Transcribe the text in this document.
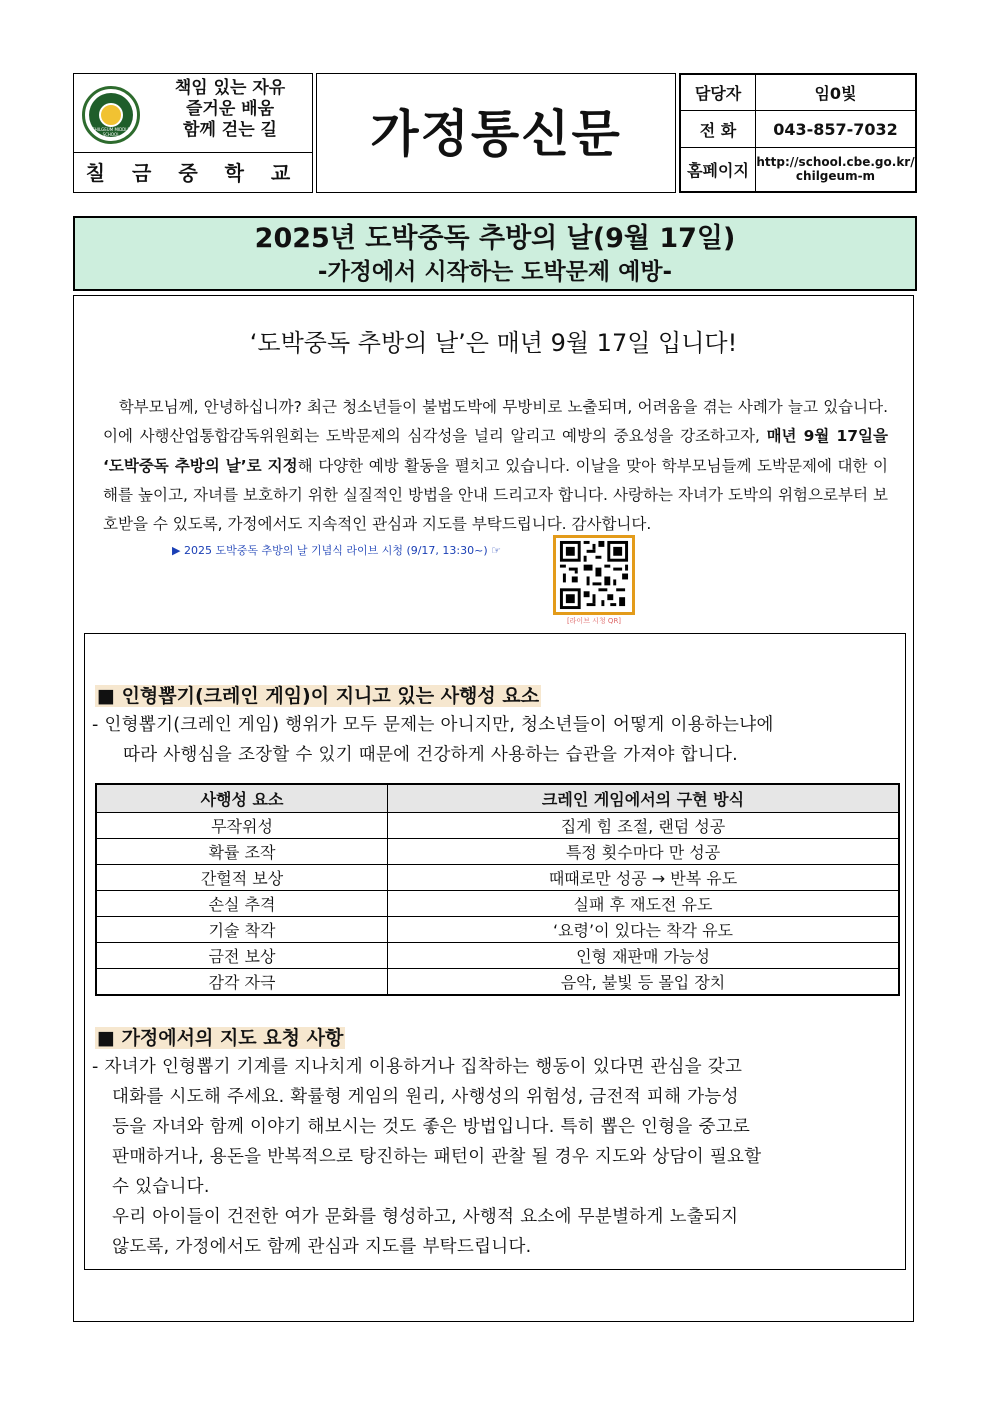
CHILGEUM MIDDLE SCHOOL
책임 있는 자유
즐거운 배움
함께 걷는 길
칠 금 중 학 교
가정통신문
담당자	임0빛
전 화	043-857-7032
홈페이지	http://school.cbe.go.kr/ chilgeum-m
2025년 도박중독 추방의 날(9월 17일)
-가정에서 시작하는 도박문제 예방-
‘도박중독 추방의 날’은 매년 9월 17일 입니다!
학부모님께, 안녕하십니까? 최근 청소년들이 불법도박에 무방비로 노출되며, 어려움을 겪는 사례가 늘고 있습니다. 이에 사행산업통합감독위원회는 도박문제의 심각성을 널리 알리고 예방의 중요성을 강조하고자, 매년 9월 17일을 ‘도박중독 추방의 날’로 지정해 다양한 예방 활동을 펼치고 있습니다. 이날을 맞아 학부모님들께 도박문제에 대한 이해를 높이고, 자녀를 보호하기 위한 실질적인 방법을 안내 드리고자 합니다. 사랑하는 자녀가 도박의 위험으로부터 보호받을 수 있도록, 가정에서도 지속적인 관심과 지도를 부탁드립니다. 감사합니다.
▶ 2025 도박중독 추방의 날 기념식 라이브 시청 (9/17, 13:30~) ☞
[라이브 시청 QR]
■ 인형뽑기(크레인 게임)이 지니고 있는 사행성 요소
- 인형뽑기(크레인 게임) 행위가 모두 문제는 아니지만, 청소년들이 어떻게 이용하는냐에
따라 사행심을 조장할 수 있기 때문에 건강하게 사용하는 습관을 가져야 합니다.
사행성 요소	크레인 게임에서의 구현 방식
무작위성	집게 힘 조절, 랜덤 성공
확률 조작	특정 횟수마다 만 성공
간헐적 보상	때때로만 성공 → 반복 유도
손실 추격	실패 후 재도전 유도
기술 착각	‘요령’이 있다는 착각 유도
금전 보상	인형 재판매 가능성
감각 자극	음악, 불빛 등 몰입 장치
■ 가정에서의 지도 요청 사항
- 자녀가 인형뽑기 기계를 지나치게 이용하거나 집착하는 행동이 있다면 관심을 갖고
대화를 시도해 주세요. 확률형 게임의 원리, 사행성의 위험성, 금전적 피해 가능성
등을 자녀와 함께 이야기 해보시는 것도 좋은 방법입니다. 특히 뽑은 인형을 중고로
판매하거나, 용돈을 반복적으로 탕진하는 패턴이 관찰 될 경우 지도와 상담이 필요할
수 있습니다.
우리 아이들이 건전한 여가 문화를 형성하고, 사행적 요소에 무분별하게 노출되지
않도록, 가정에서도 함께 관심과 지도를 부탁드립니다.
